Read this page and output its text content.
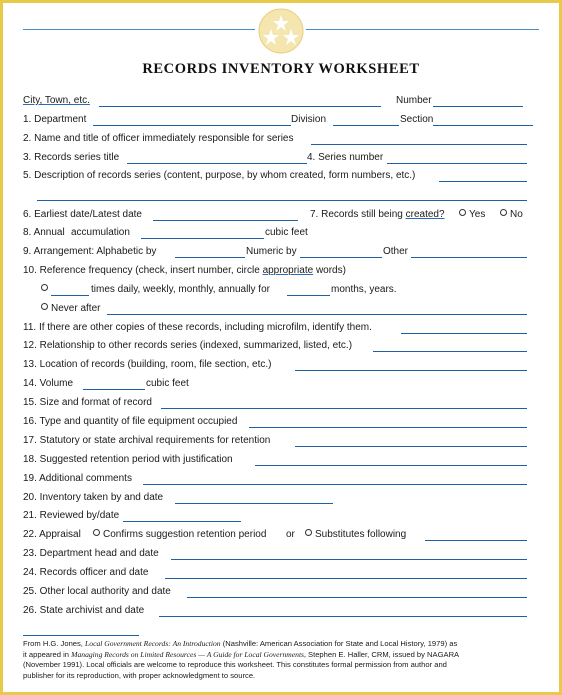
RECORDS INVENTORY WORKSHEET
City, Town, etc.	Number
1. Department	Division	Section
2. Name and title of officer immediately responsible for series
3. Records series title	4. Series number
5. Description of records series (content, purpose, by whom created, form numbers, etc.)
6. Earliest date/Latest date	7. Records still being created?	Yes	No
8. Annual accumulation	cubic feet
9. Arrangement: Alphabetic by	Numeric by	Other
10. Reference frequency (check, insert number, circle appropriate words)
times daily, weekly, monthly, annually for	months, years.
Never after
11. If there are other copies of these records, including microfilm, identify them.
12. Relationship to other records series (indexed, summarized, listed, etc.)
13. Location of records (building, room, file section, etc.)
14. Volume	cubic feet
15. Size and format of record
16. Type and quantity of file equipment occupied
17. Statutory or state archival requirements for retention
18. Suggested retention period with justification
19. Additional comments
20. Inventory taken by and date
21. Reviewed by/date
22. Appraisal	Confirms suggestion retention period or	Substitutes following
23. Department head and date
24. Records officer and date
25. Other local authority and date
26. State archivist and date
From H.G. Jones, Local Government Records: An Introduction (Nashville: American Association for State and Local History, 1979) as
it appeared in Managing Records on Limited Resources — A Guide for Local Governments, Stephen E. Haller, CRM, issued by NAGARA
(November 1991). Local officials are welcome to reproduce this worksheet. This constitutes formal permission from author and
publisher for its reproduction, with proper acknowledgment to source.
